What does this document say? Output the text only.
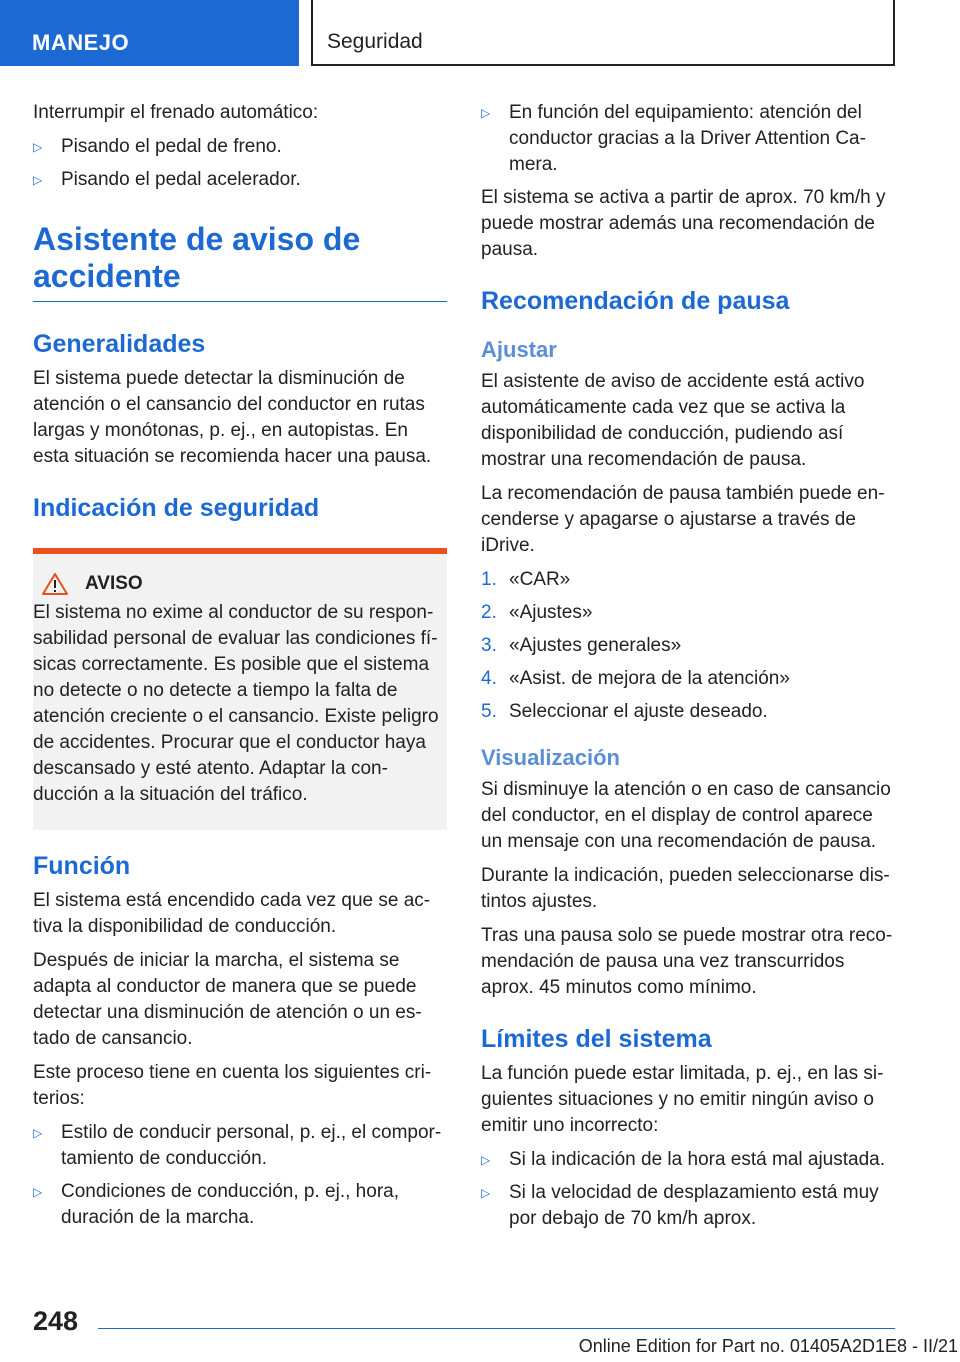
MANEJO	Seguridad

Interrumpir el frenado automático:

▷ Pisando el pedal de freno.
▷ Pisando el pedal acelerador.
Asistente de aviso de accidente
Generalidades

El sistema puede detectar la disminución de atención o el cansancio del conductor en rutas largas y monótonas, p. ej., en autopistas. En esta situación se recomienda hacer una pausa.

Indicación de seguridad
AVISO

El sistema no exime al conductor de su responsabilidad personal de evaluar las condiciones físicas correctamente. Es posible que el sistema no detecte o no detecte a tiempo la falta de atención creciente o el cansancio. Existe peligro de accidentes. Procurar que el conductor haya descansado y esté atento. Adaptar la conducción a la situación del tráfico.

Función

El sistema está encendido cada vez que se activa la disponibilidad de conducción.

Después de iniciar la marcha, el sistema se adapta al conductor de manera que se puede detectar una disminución de atención o un estado de cansancio.

Este proceso tiene en cuenta los siguientes criterios:

▷ Estilo de conducir personal, p. ej., el comportamiento de conducción.
▷ Condiciones de conducción, p. ej., hora, duración de la marcha.
▷ En función del equipamiento: atención del conductor gracias a la Driver Attention Camera.

El sistema se activa a partir de aprox. 70 km/h y puede mostrar además una recomendación de pausa.

Recomendación de pausa
Ajustar

El asistente de aviso de accidente está activo automáticamente cada vez que se activa la disponibilidad de conducción, pudiendo así mostrar una recomendación de pausa.

La recomendación de pausa también puede encenderse y apagarse o ajustarse a través de iDrive.

1. «CAR»
2. «Ajustes»
3. «Ajustes generales»
4. «Asist. de mejora de la atención»
5. Seleccionar el ajuste deseado.
Visualización

Si disminuye la atención o en caso de cansancio del conductor, en el display de control aparece un mensaje con una recomendación de pausa.

Durante la indicación, pueden seleccionarse distintos ajustes.

Tras una pausa solo se puede mostrar otra recomendación de pausa una vez transcurridos aprox. 45 minutos como mínimo.

Límites del sistema

La función puede estar limitada, p. ej., en las siguientes situaciones y no emitir ningún aviso o emitir uno incorrecto:

▷ Si la indicación de la hora está mal ajustada.
▷ Si la velocidad de desplazamiento está muy por debajo de 70 km/h aprox.
248
Online Edition for Part no. 01405A2D1E8 - II/21
